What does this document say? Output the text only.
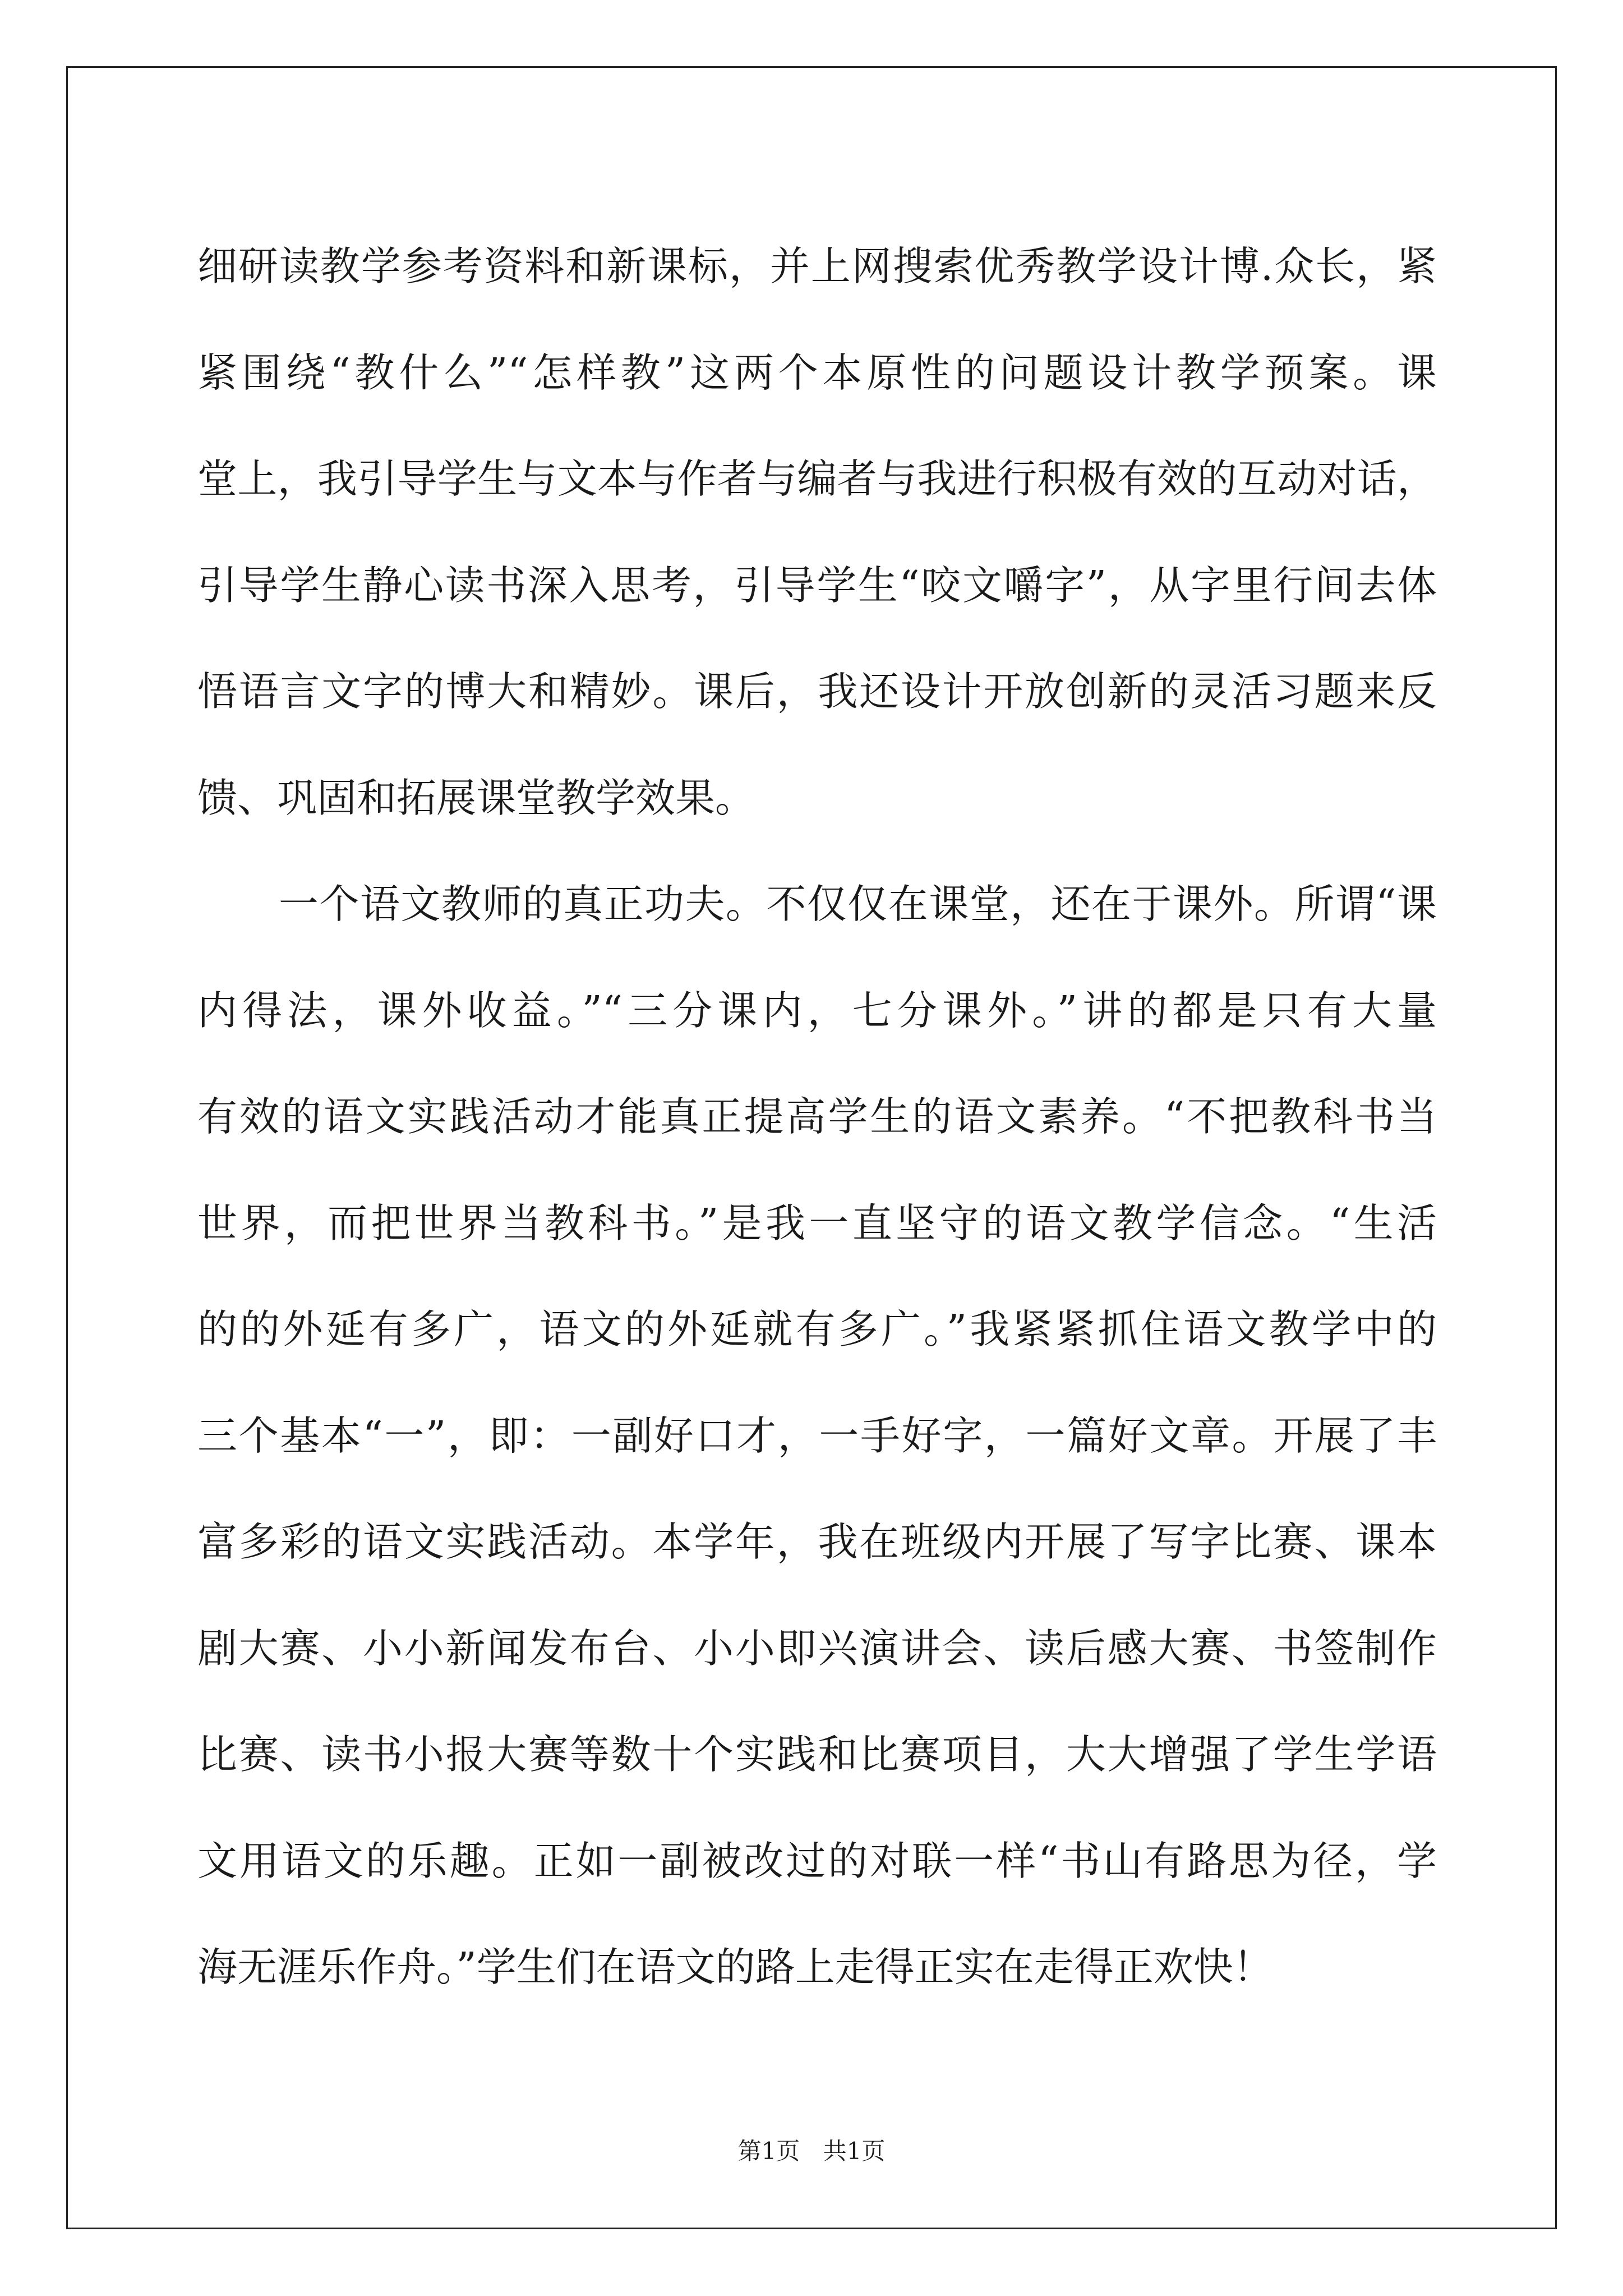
细研读教学参考资料和新课标，并上网搜索优秀教学设计博.众长，紧
紧围绕“教什么”“怎样教”这两个本原性的问题设计教学预案。课
堂上，我引导学生与文本与作者与编者与我进行积极有效的互动对话，
引导学生静心读书深入思考，引导学生“咬文嚼字”，从字里行间去体
悟语言文字的博大和精妙。课后，我还设计开放创新的灵活习题来反
馈、巩固和拓展课堂教学效果。
　　一个语文教师的真正功夫。不仅仅在课堂，还在于课外。所谓“课
内得法，课外收益。”“三分课内，七分课外。”讲的都是只有大量
有效的语文实践活动才能真正提高学生的语文素养。“不把教科书当
世界，而把世界当教科书。”是我一直坚守的语文教学信念。“生活
的的外延有多广，语文的外延就有多广。”我紧紧抓住语文教学中的
三个基本“一”，即：一副好口才，一手好字，一篇好文章。开展了丰
富多彩的语文实践活动。本学年，我在班级内开展了写字比赛、课本
剧大赛、小小新闻发布台、小小即兴演讲会、读后感大赛、书签制作
比赛、读书小报大赛等数十个实践和比赛项目，大大增强了学生学语
文用语文的乐趣。正如一副被改过的对联一样“书山有路思为径，学
海无涯乐作舟。”学生们在语文的路上走得正实在走得正欢快！
第1页 共1页
